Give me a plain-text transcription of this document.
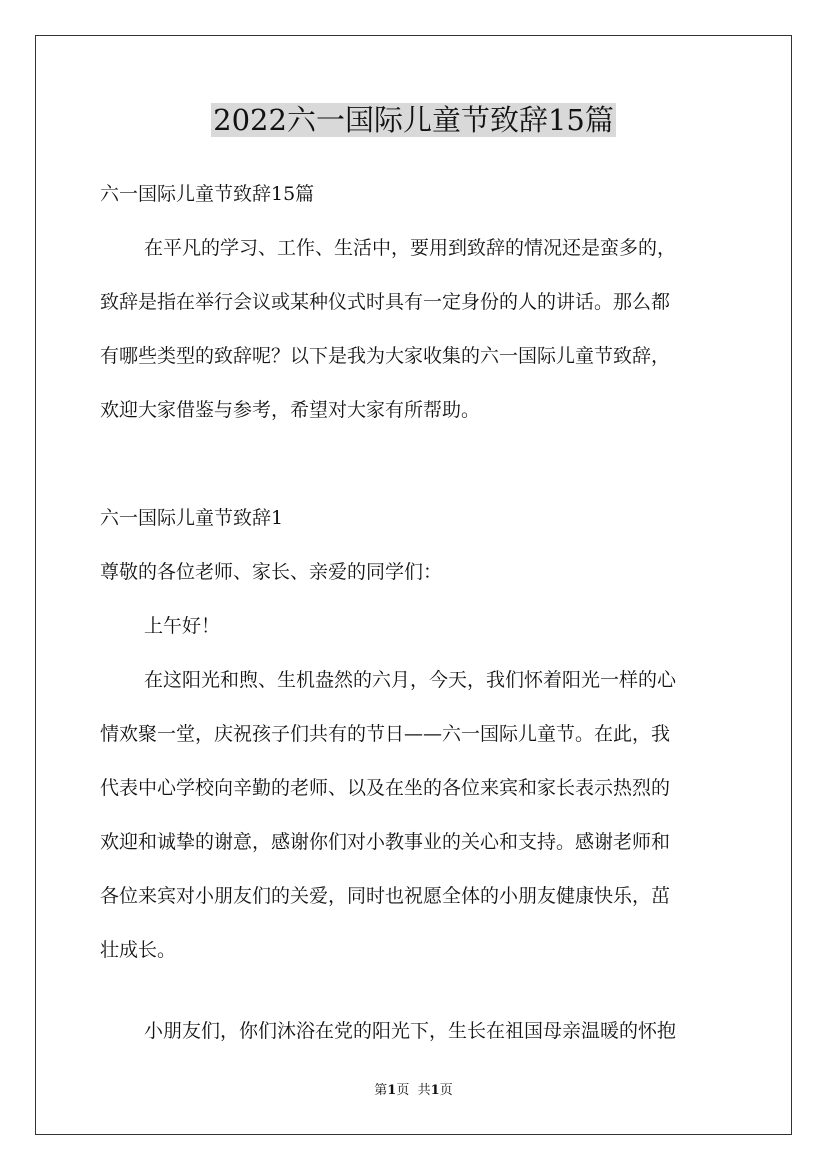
2022六一国际儿童节致辞15篇
六一国际儿童节致辞15篇
在平凡的学习、工作、生活中，要用到致辞的情况还是蛮多的，
致辞是指在举行会议或某种仪式时具有一定身份的人的讲话。那么都
有哪些类型的致辞呢？以下是我为大家收集的六一国际儿童节致辞，
欢迎大家借鉴与参考，希望对大家有所帮助。
六一国际儿童节致辞1
尊敬的各位老师、家长、亲爱的同学们：
上午好！
在这阳光和煦、生机盎然的六月，今天，我们怀着阳光一样的心
情欢聚一堂，庆祝孩子们共有的节日——六一国际儿童节。在此，我
代表中心学校向辛勤的老师、以及在坐的各位来宾和家长表示热烈的
欢迎和诚挚的谢意，感谢你们对小教事业的关心和支持。感谢老师和
各位来宾对小朋友们的关爱，同时也祝愿全体的小朋友健康快乐，茁
壮成长。
小朋友们，你们沐浴在党的阳光下，生长在祖国母亲温暖的怀抱
第1页 共1页
